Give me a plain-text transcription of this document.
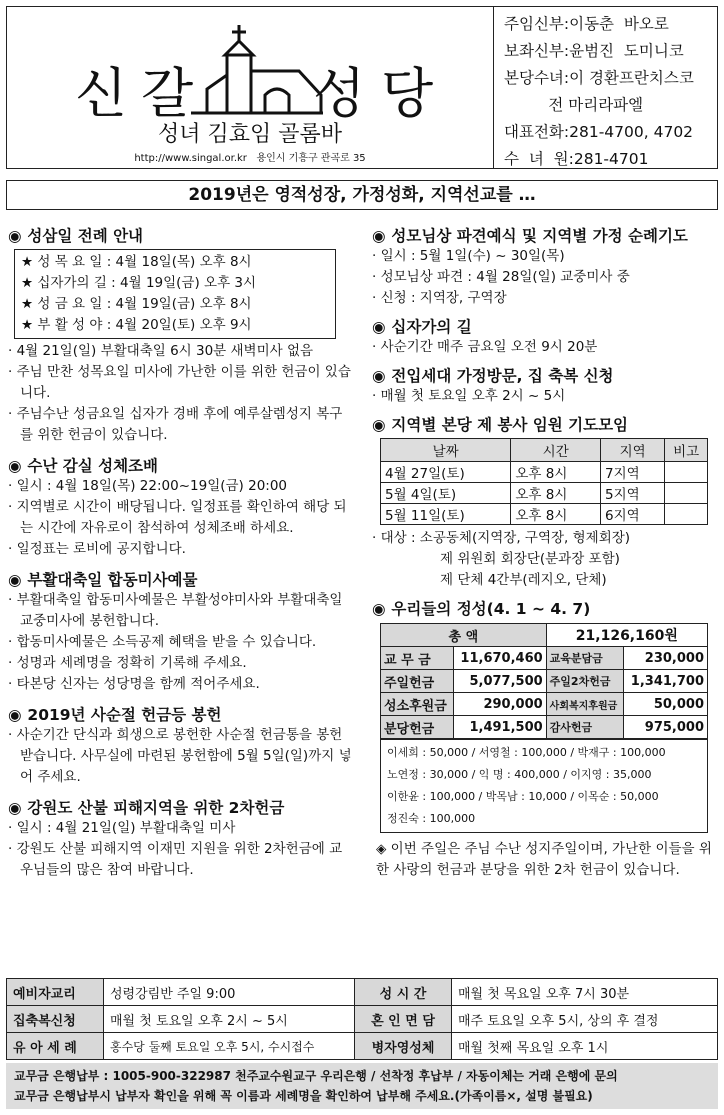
신 갈 성 당
성녀 김효임 골롬바
http://www.singal.or.kr 용인시 기흥구 관곡로 35
주임신부:이동춘  바오로
보좌신부:윤범진  도미니코
본당수녀:이 경환프란치스코
전 마리라파엘
대표전화:281-4700, 4702
수  녀  원:281-4701
2019년은 영적성장, 가정성화, 지역선교를 …
◉ 성삼일 전례 안내
★ 성 목 요 일 : 4월 18일(목) 오후 8시
★ 십자가의 길 : 4월 19일(금) 오후 3시
★ 성 금 요 일 : 4월 19일(금) 오후 8시
★ 부 활 성 야 : 4월 20일(토) 오후 9시
· 4월 21일(일) 부활대축일 6시 30분 새벽미사 없음
· 주님 만찬 성목요일 미사에 가난한 이를 위한 헌금이 있습니다.
· 주님수난 성금요일 십자가 경배 후에 예루살렘성지 복구를 위한 헌금이 있습니다.
◉ 수난 감실 성체조배
· 일시 : 4월 18일(목) 22:00~19일(금) 20:00
· 지역별로 시간이 배당됩니다. 일정표를 확인하여 해당 되는 시간에 자유로이 참석하여 성체조배 하세요.
· 일정표는 로비에 공지합니다.
◉ 부활대축일 합동미사예물
· 부활대축일 합동미사예물은 부활성야미사와 부활대축일 교중미사에 봉헌합니다.
· 합동미사예물은 소득공제 혜택을 받을 수 있습니다.
· 성명과 세례명을 정확히 기록해 주세요.
· 타본당 신자는 성당명을 함께 적어주세요.
◉ 2019년 사순절 헌금등 봉헌
· 사순기간 단식과 희생으로 봉헌한 사순절 헌금통을 봉헌 받습니다. 사무실에 마련된 봉헌함에 5월 5일(일)까지 넣어 주세요.
◉ 강원도 산불 피해지역을 위한 2차헌금
· 일시 : 4월 21일(일) 부활대축일 미사
· 강원도 산불 피해지역 이재민 지원을 위한 2차헌금에 교우님들의 많은 참여 바랍니다.
◉ 성모님상 파견예식 및 지역별 가정 순례기도
· 일시 : 5월 1일(수) ~ 30일(목)
· 성모님상 파견 : 4월 28일(일) 교중미사 중
· 신청 : 지역장, 구역장
◉ 십자가의 길
· 사순기간 매주 금요일 오전 9시 20분
◉ 전입세대 가정방문, 집 축복 신청
· 매월 첫 토요일 오후 2시 ~ 5시
◉ 지역별 본당 제 봉사 임원 기도모임
날짜	시간	지역	비고
4월 27일(토)	오후 8시	7지역	
5월 4일(토)	오후 8시	5지역	
5월 11일(토)	오후 8시	6지역	
· 대상 : 소공동체(지역장, 구역장, 형제회장)
제 위원회 회장단(분과장 포함)
제 단체 4간부(레지오, 단체)
◉ 우리들의 정성(4. 1 ~ 4. 7)
총 액		21,126,160원	
교 무 금	11,670,460	교육분담금	230,000
주일헌금	5,077,500	주일2차헌금	1,341,700
성소후원금	290,000	사회복지후원금	50,000
분당헌금	1,491,500	감사헌금	975,000
이세희 : 50,000 / 서영철 : 100,000 / 박재구 : 100,000
노연정 : 30,000 / 익 명 : 400,000 / 이지영 : 35,000
이한윤 : 100,000 / 박목남 : 10,000 / 이목순 : 50,000
정진숙 : 100,000
◈ 이번 주일은 주님 수난 성지주일이며, 가난한 이들을 위한 사랑의 헌금과 분당을 위한 2차 헌금이 있습니다.
예비자교리	성령강림반 주일 9:00	성 시 간	매월 첫 목요일 오후 7시 30분
집축복신청	매월 첫 토요일 오후 2시 ~ 5시	혼 인 면 담	매주 토요일 오후 5시, 상의 후 결정
유 아 세 례	홍수당 둘째 토요일 오후 5시, 수시접수	병자영성체	매월 첫째 목요일 오후 1시
교무금 은행납부 : 1005-900-322987 천주교수원교구 우리은행 / 선착정 후납부 / 자동이체는 거래 은행에 문의
교무금 은행납부시 납부자 확인을 위해 꼭 이름과 세례명을 확인하여 납부해 주세요.(가족이름×, 설명 불필요)
